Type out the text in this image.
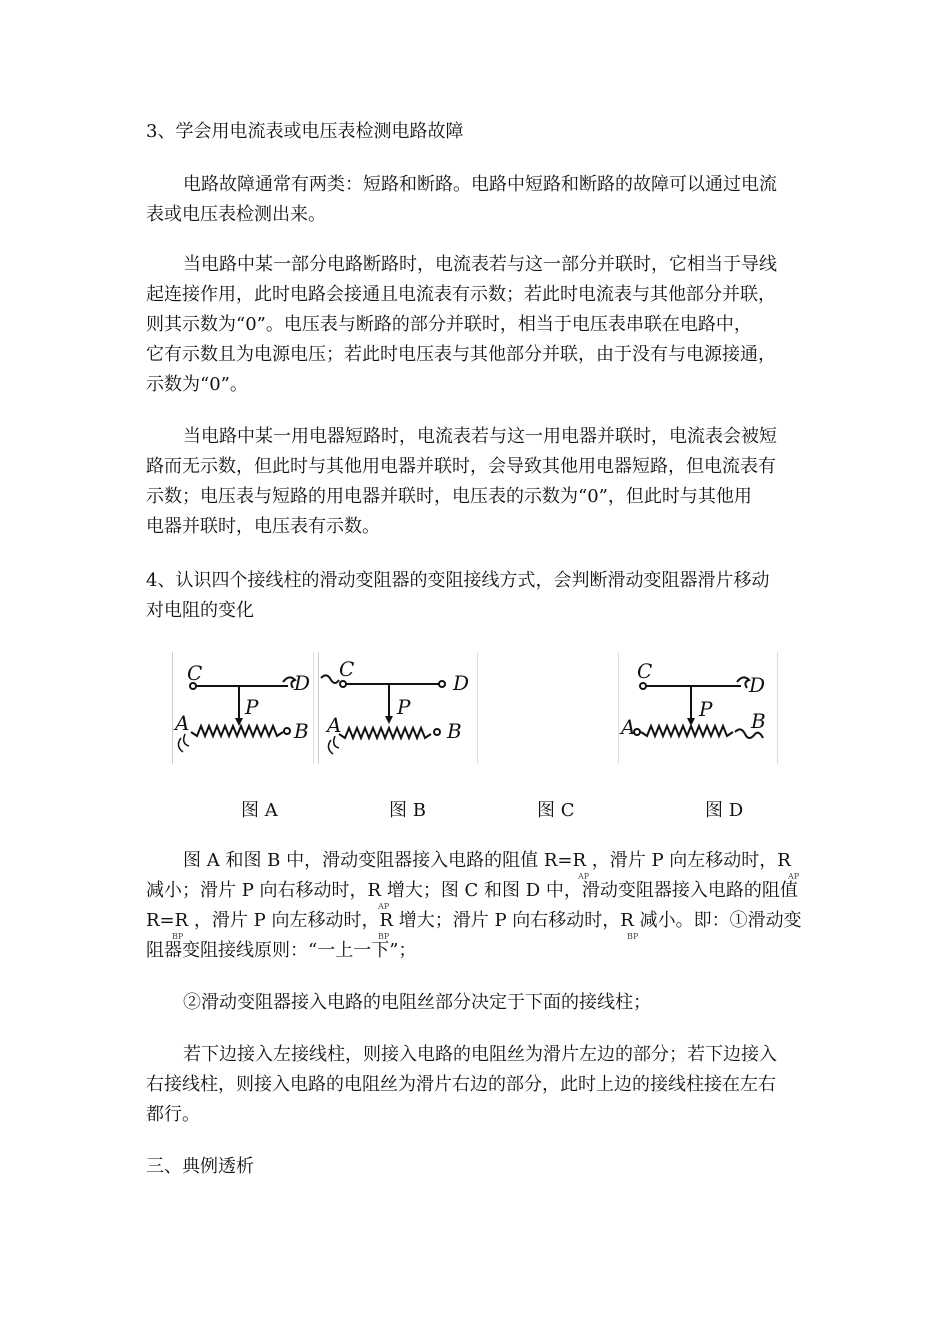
3、学会用电流表或电压表检测电路故障
电路故障通常有两类：短路和断路。电路中短路和断路的故障可以通过电流
表或电压表检测出来。
当电路中某一部分电路断路时，电流表若与这一部分并联时，它相当于导线
起连接作用，此时电路会接通且电流表有示数；若此时电流表与其他部分并联，
则其示数为“0”。电压表与断路的部分并联时，相当于电压表串联在电路中，
它有示数且为电源电压；若此时电压表与其他部分并联，由于没有与电源接通，
示数为“0”。
当电路中某一用电器短路时，电流表若与这一用电器并联时，电流表会被短
路而无示数，但此时与其他用电器并联时，会导致其他用电器短路，但电流表有
示数；电压表与短路的用电器并联时，电压表的示数为“0”，但此时与其他用
电器并联时，电压表有示数。
4、认识四个接线柱的滑动变阻器的变阻接线方式，会判断滑动变阻器滑片移动
对电阻的变化
C	D
P
A	B
C
D
P
A	B
C
D
P
A	B
图 A	图 B	图 C	图 D
图 A 和图 B 中，滑动变阻器接入电路的阻值 R=R ，滑片 P 向左移动时，R
减小；滑片 P 向右移动时，R 增大；图 C 和图 D 中，滑动变阻器接入电路的阻值
R=R ，滑片 P 向左移动时，R 增大；滑片 P 向右移动时，R 减小。即：①滑动变
阻器变阻接线原则：“一上一下”；
AP	AP
AP
BP	BP	BP
②滑动变阻器接入电路的电阻丝部分决定于下面的接线柱；
若下边接入左接线柱，则接入电路的电阻丝为滑片左边的部分；若下边接入
右接线柱，则接入电路的电阻丝为滑片右边的部分，此时上边的接线柱接在左右
都行。
三、典例透析
